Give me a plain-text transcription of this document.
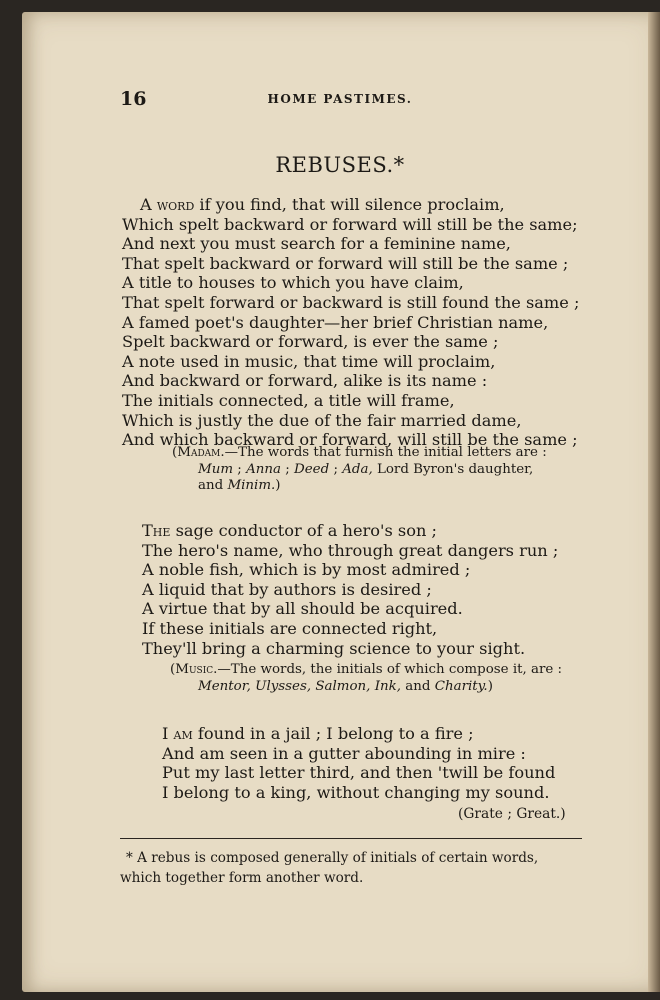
16	HOME PASTIMES.
REBUSES.*
A word if you find, that will silence proclaim,
Which spelt backward or forward will still be the same;
And next you must search for a feminine name,
That spelt backward or forward will still be the same ;
A title to houses to which you have claim,
That spelt forward or backward is still found the same ;
A famed poet's daughter—her brief Christian name,
Spelt backward or forward, is ever the same ;
A note used in music, that time will proclaim,
And backward or forward, alike is its name :
The initials connected, a title will frame,
Which is justly the due of the fair married dame,
And which backward or forward, will still be the same ;
(Madam.—The words that furnish the initial letters are :
Mum ; Anna ; Deed ; Ada, Lord Byron's daughter,
and Minim.)
The sage conductor of a hero's son ;
The hero's name, who through great dangers run ;
A noble fish, which is by most admired ;
A liquid that by authors is desired ;
A virtue that by all should be acquired.
If these initials are connected right,
They'll bring a charming science to your sight.
(Music.—The words, the initials of which compose it, are :
Mentor, Ulysses, Salmon, Ink, and Charity.)
I am found in a jail ; I belong to a fire ;
And am seen in a gutter abounding in mire :
Put my last letter third, and then 'twill be found
I belong to a king, without changing my sound.
(Grate ; Great.)
* A rebus is composed generally of initials of certain words,
which together form another word.
